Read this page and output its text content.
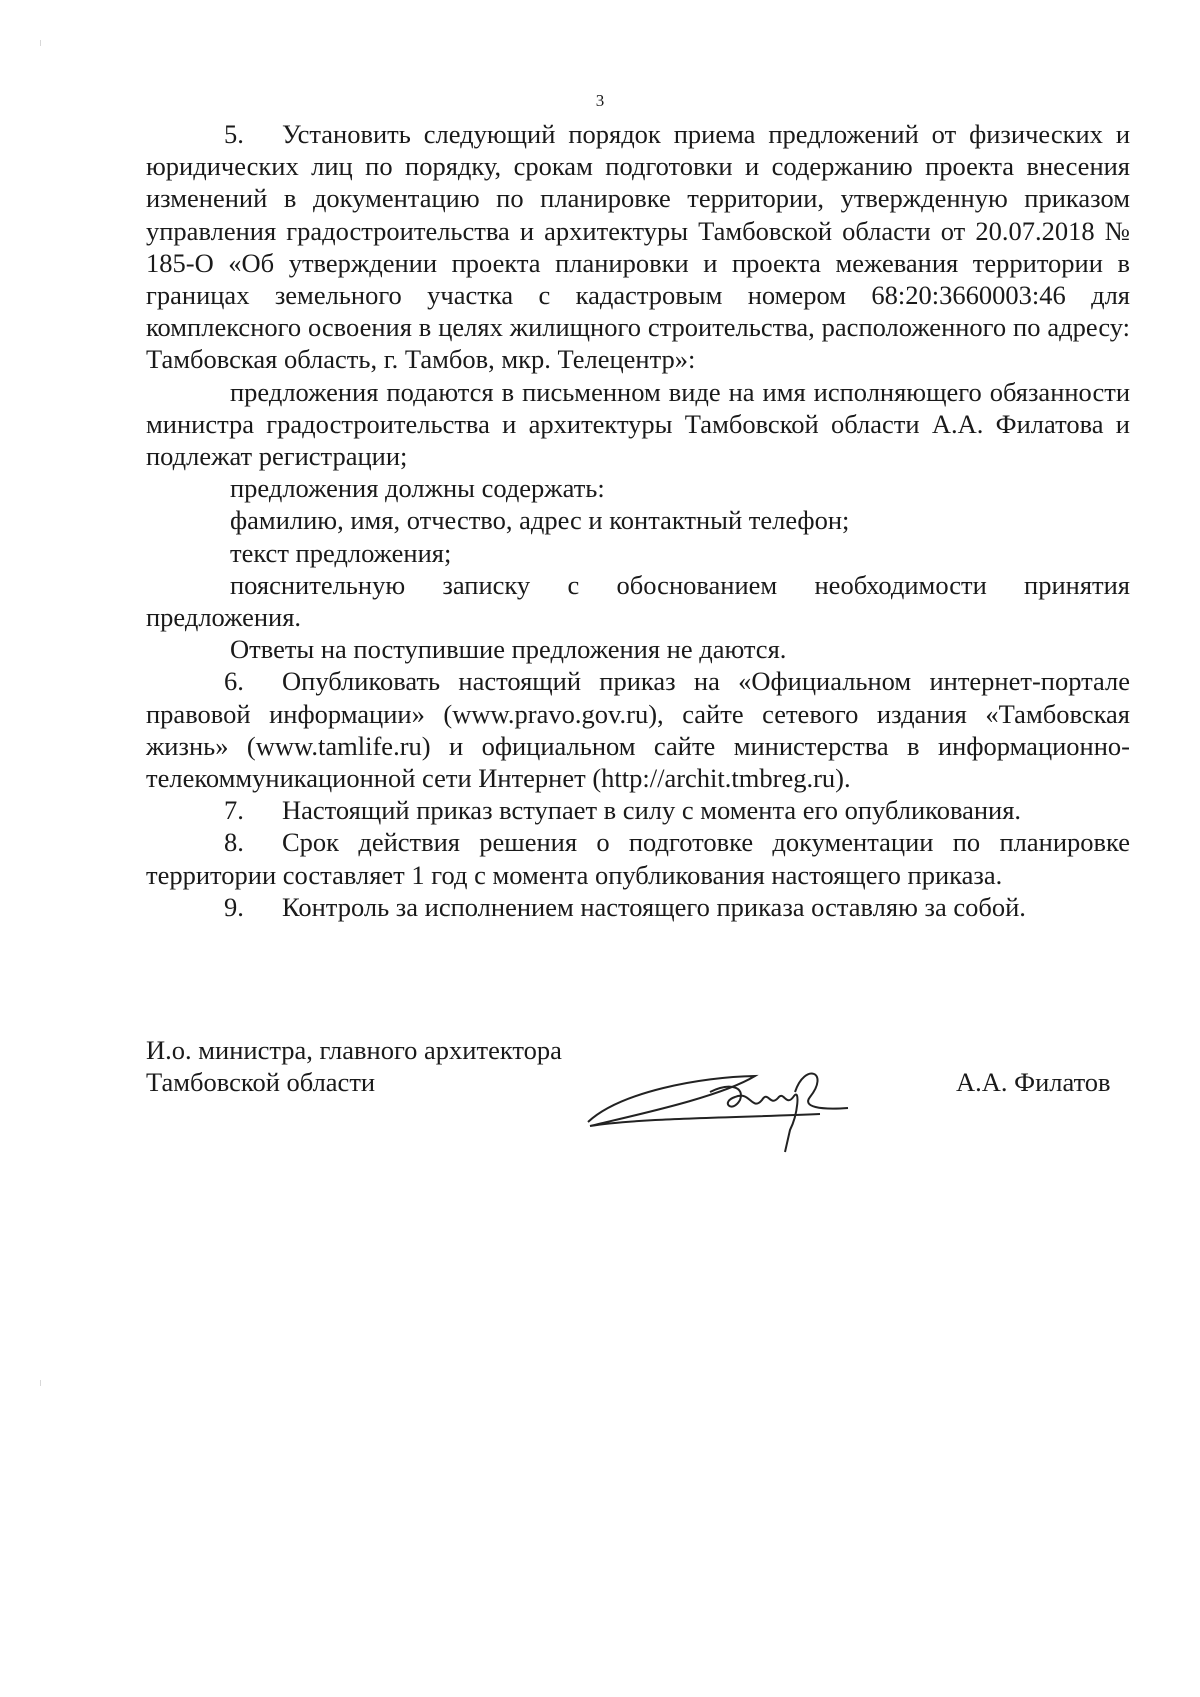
3

5. Установить следующий порядок приема предложений от физических и юридических лиц по порядку, срокам подготовки и содержанию проекта внесения изменений в документацию по планировке территории, утвержденную приказом управления градостроительства и архитектуры Тамбовской области от 20.07.2018 № 185-О «Об утверждении проекта планировки и проекта межевания территории в границах земельного участка с кадастровым номером 68:20:3660003:46 для комплексного освоения в целях жилищного строительства, расположенного по адресу: Тамбовская область, г. Тамбов, мкр. Телецентр»:

предложения подаются в письменном виде на имя исполняющего обязанности министра градостроительства и архитектуры Тамбовской области А.А. Филатова и подлежат регистрации;

предложения должны содержать:

фамилию, имя, отчество, адрес и контактный телефон;

текст предложения;

пояснительную записку с обоснованием необходимости принятия предложения.

Ответы на поступившие предложения не даются.

6. Опубликовать настоящий приказ на «Официальном интернет-портале правовой информации» (www.pravo.gov.ru), сайте сетевого издания «Тамбовская жизнь» (www.tamlife.ru) и официальном сайте министерства в информационно-телекоммуникационной сети Интернет (http://archit.tmbreg.ru).

7. Настоящий приказ вступает в силу с момента его опубликования.

8. Срок действия решения о подготовке документации по планировке территории составляет 1 год с момента опубликования настоящего приказа.

9. Контроль за исполнением настоящего приказа оставляю за собой.

И.о. министра, главного архитектора
Тамбовской области	А.А. Филатов
